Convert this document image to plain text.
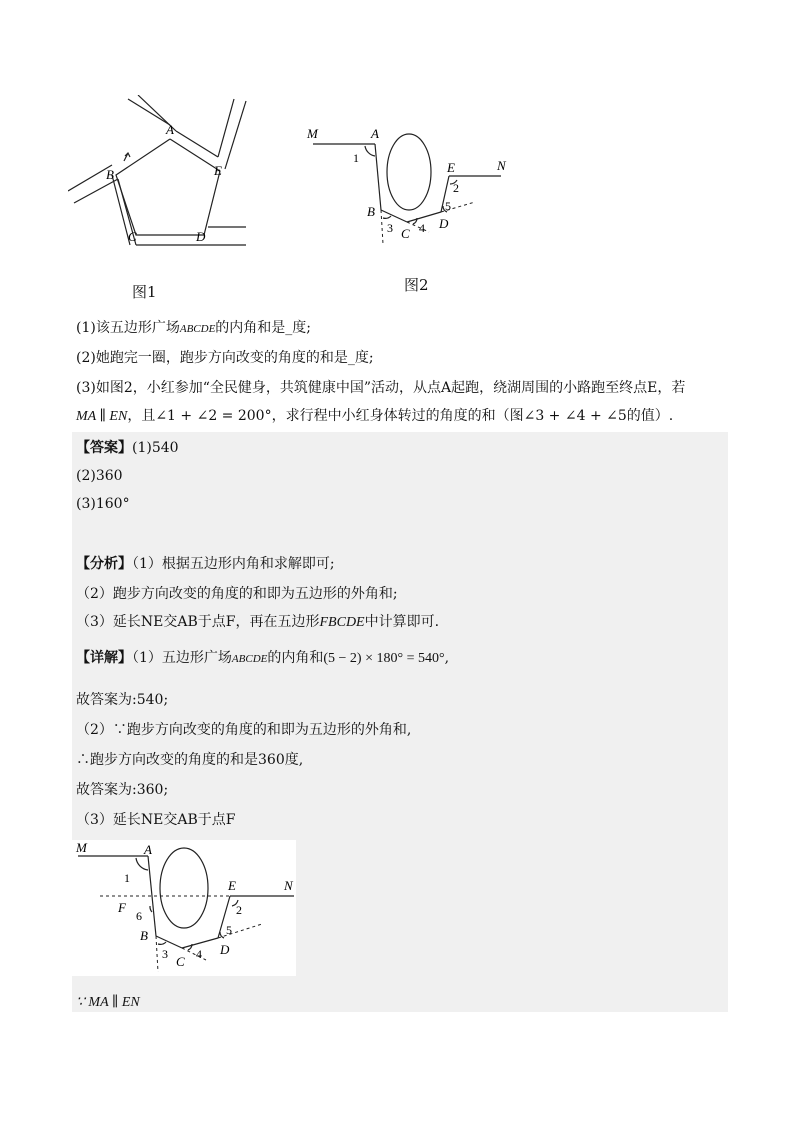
A
B
C	D
E
图1
M	A
N
E
B
C
D
1
2
3 4
5
图2
(1)该五边形广场ABCDE的内角和是_度;
(2)她跑完一圈，跑步方向改变的角度的和是_度;
(3)如图2，小红参加“全民健身，共筑健康中国”活动，从点A起跑，绕湖周围的小路跑至终点E，若
MA ∥ EN，且∠1 + ∠2 = 200°，求行程中小红身体转过的角度的和（图∠3 + ∠4 + ∠5的值）.
【答案】(1)540
(2)360
(3)160°
【分析】（1）根据五边形内角和求解即可;
（2）跑步方向改变的角度的和即为五边形的外角和;
（3）延长NE交AB于点F，再在五边形FBCDE中计算即可.
【详解】（1）五边形广场ABCDE的内角和(5 − 2) × 180° = 540°,
故答案为:540;
（2）∵跑步方向改变的角度的和即为五边形的外角和,
∴跑步方向改变的角度的和是360度,
故答案为:360;
（3）延长NE交AB于点F
M	A
N
E
F
B
C
D
1
2
3 4
5
6
∵ MA ∥ EN
